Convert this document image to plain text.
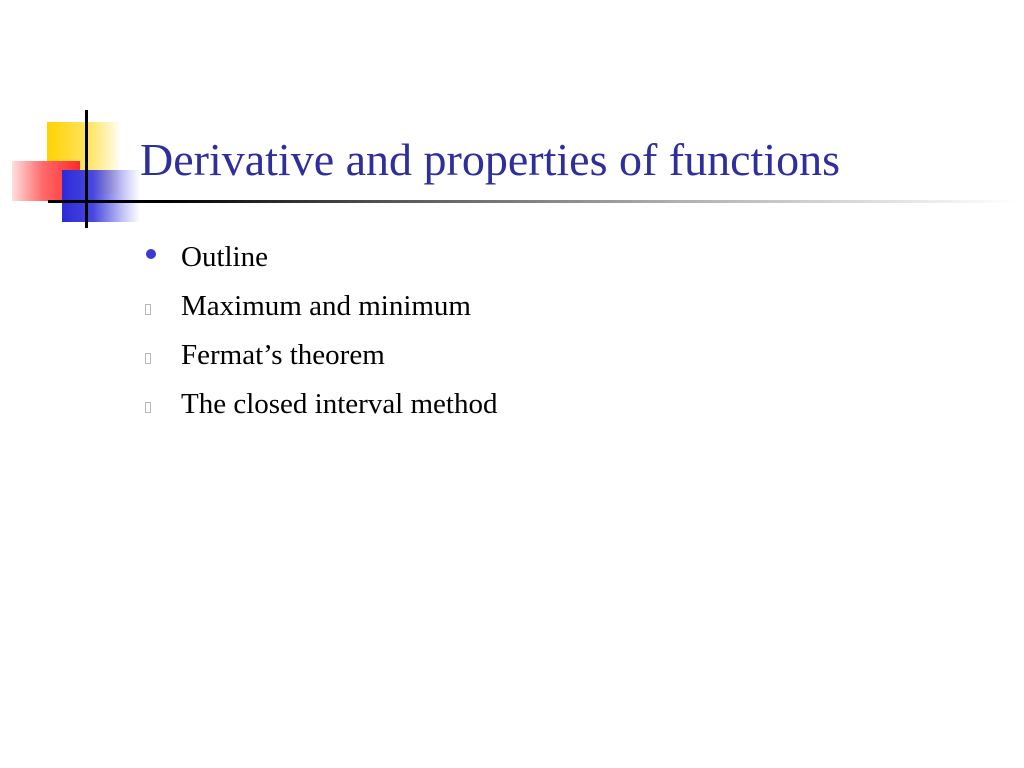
Derivative and properties of functions
Outline
Maximum and minimum
Fermat’s theorem
The closed interval method
